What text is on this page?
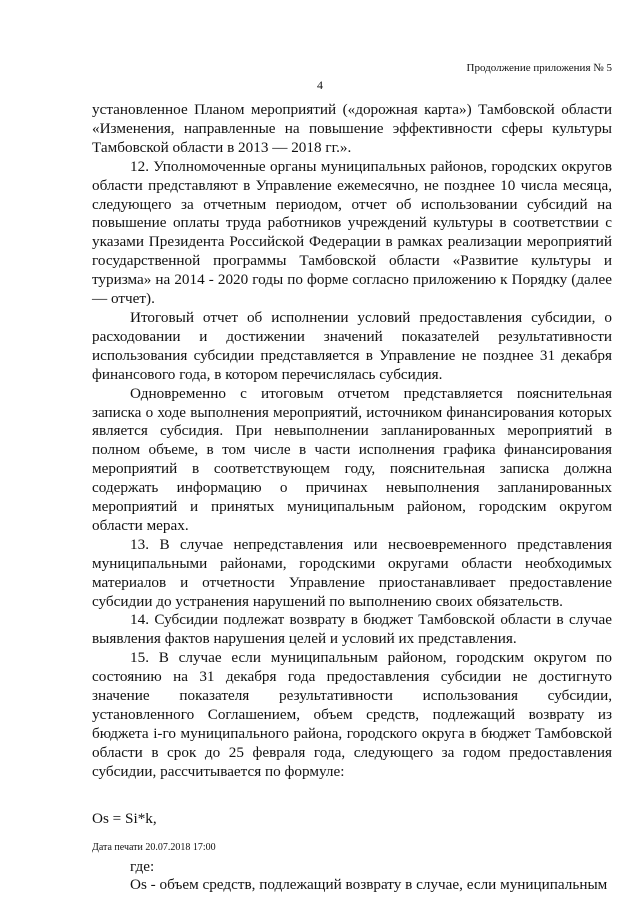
Продолжение приложения № 5
4

установленное Планом мероприятий («дорожная карта») Тамбовской области «Изменения, направленные на повышение эффективности сферы культуры Тамбовской области в 2013 — 2018 гг.».

12. Уполномоченные органы муниципальных районов, городских округов области представляют в Управление ежемесячно, не позднее 10 числа месяца, следующего за отчетным периодом, отчет об использовании субсидий на повышение оплаты труда работников учреждений культуры в соответствии с указами Президента Российской Федерации в рамках реализации мероприятий государственной программы Тамбовской области «Развитие культуры и туризма» на 2014 - 2020 годы по форме согласно приложению к Порядку (далее — отчет).

Итоговый отчет об исполнении условий предоставления субсидии, о расходовании и достижении значений показателей результативности использования субсидии представляется в Управление не позднее 31 декабря финансового года, в котором перечислялась субсидия.

Одновременно с итоговым отчетом представляется пояснительная записка о ходе выполнения мероприятий, источником финансирования которых является субсидия. При невыполнении запланированных мероприятий в полном объеме, в том числе в части исполнения графика финансирования мероприятий в соответствующем году, пояснительная записка должна содержать информацию о причинах невыполнения запланированных мероприятий и принятых муниципальным районом, городским округом области мерах.

13. В случае непредставления или несвоевременного представления муниципальными районами, городскими округами области необходимых материалов и отчетности Управление приостанавливает предоставление субсидии до устранения нарушений по выполнению своих обязательств.

14. Субсидии подлежат возврату в бюджет Тамбовской области в случае выявления фактов нарушения целей и условий их представления.

15. В случае если муниципальным районом, городским округом по состоянию на 31 декабря года предоставления субсидии не достигнуто значение показателя результативности использования субсидии, установленного Соглашением, объем средств, подлежащий возврату из бюджета i-го муниципального района, городского округа в бюджет Тамбовской области в срок до 25 февраля года, следующего за годом предоставления субсидии, рассчитывается по формуле:

Os = Si*k,

где:

Os - объем средств, подлежащий возврату в случае, если муниципальным

Дата печати 20.07.2018 17:00
